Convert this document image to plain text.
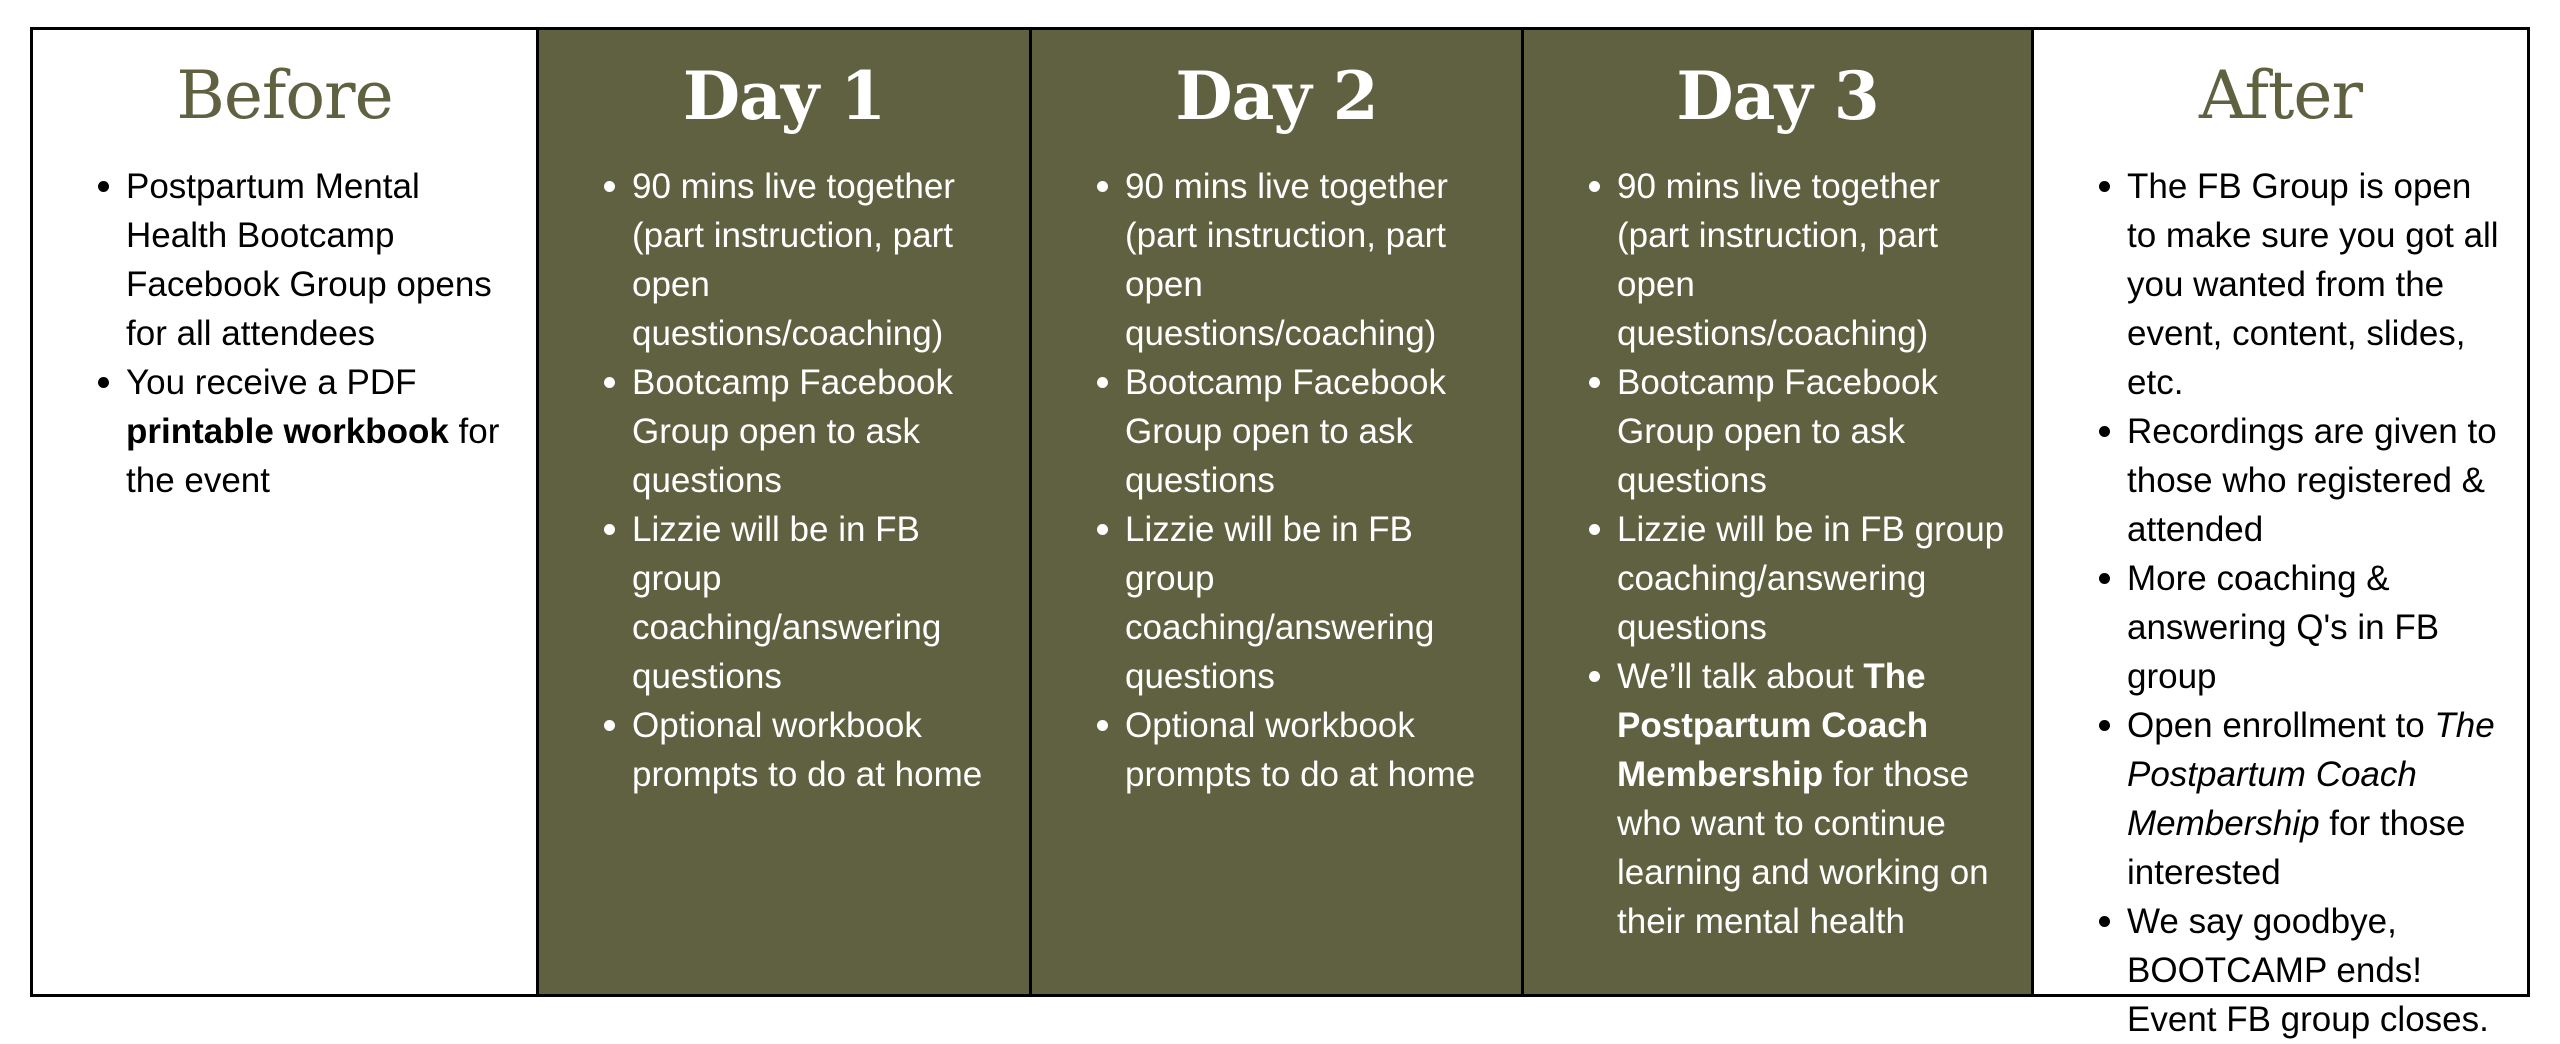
Before
Postpartum Mental Health Bootcamp Facebook Group opens for all attendees
You receive a PDF printable workbook for the event
Day 1
90 mins live together (part instruction, part open questions/coaching)
Bootcamp Facebook Group open to ask questions
Lizzie will be in FB group coaching/answering questions
Optional workbook prompts to do at home
Day 2
90 mins live together (part instruction, part open questions/coaching)
Bootcamp Facebook Group open to ask questions
Lizzie will be in FB group coaching/answering questions
Optional workbook prompts to do at home
Day 3
90 mins live together (part instruction, part open questions/coaching)
Bootcamp Facebook Group open to ask questions
Lizzie will be in FB group coaching/answering questions
We’ll talk about The Postpartum Coach Membership for those who want to continue learning and working on their mental health
After
The FB Group is open to make sure you got all you wanted from the event, content, slides, etc.
Recordings are given to those who registered & attended
More coaching & answering Q's in FB group
Open enrollment to The Postpartum Coach Membership for those interested
We say goodbye, BOOTCAMP ends! Event FB group closes.
